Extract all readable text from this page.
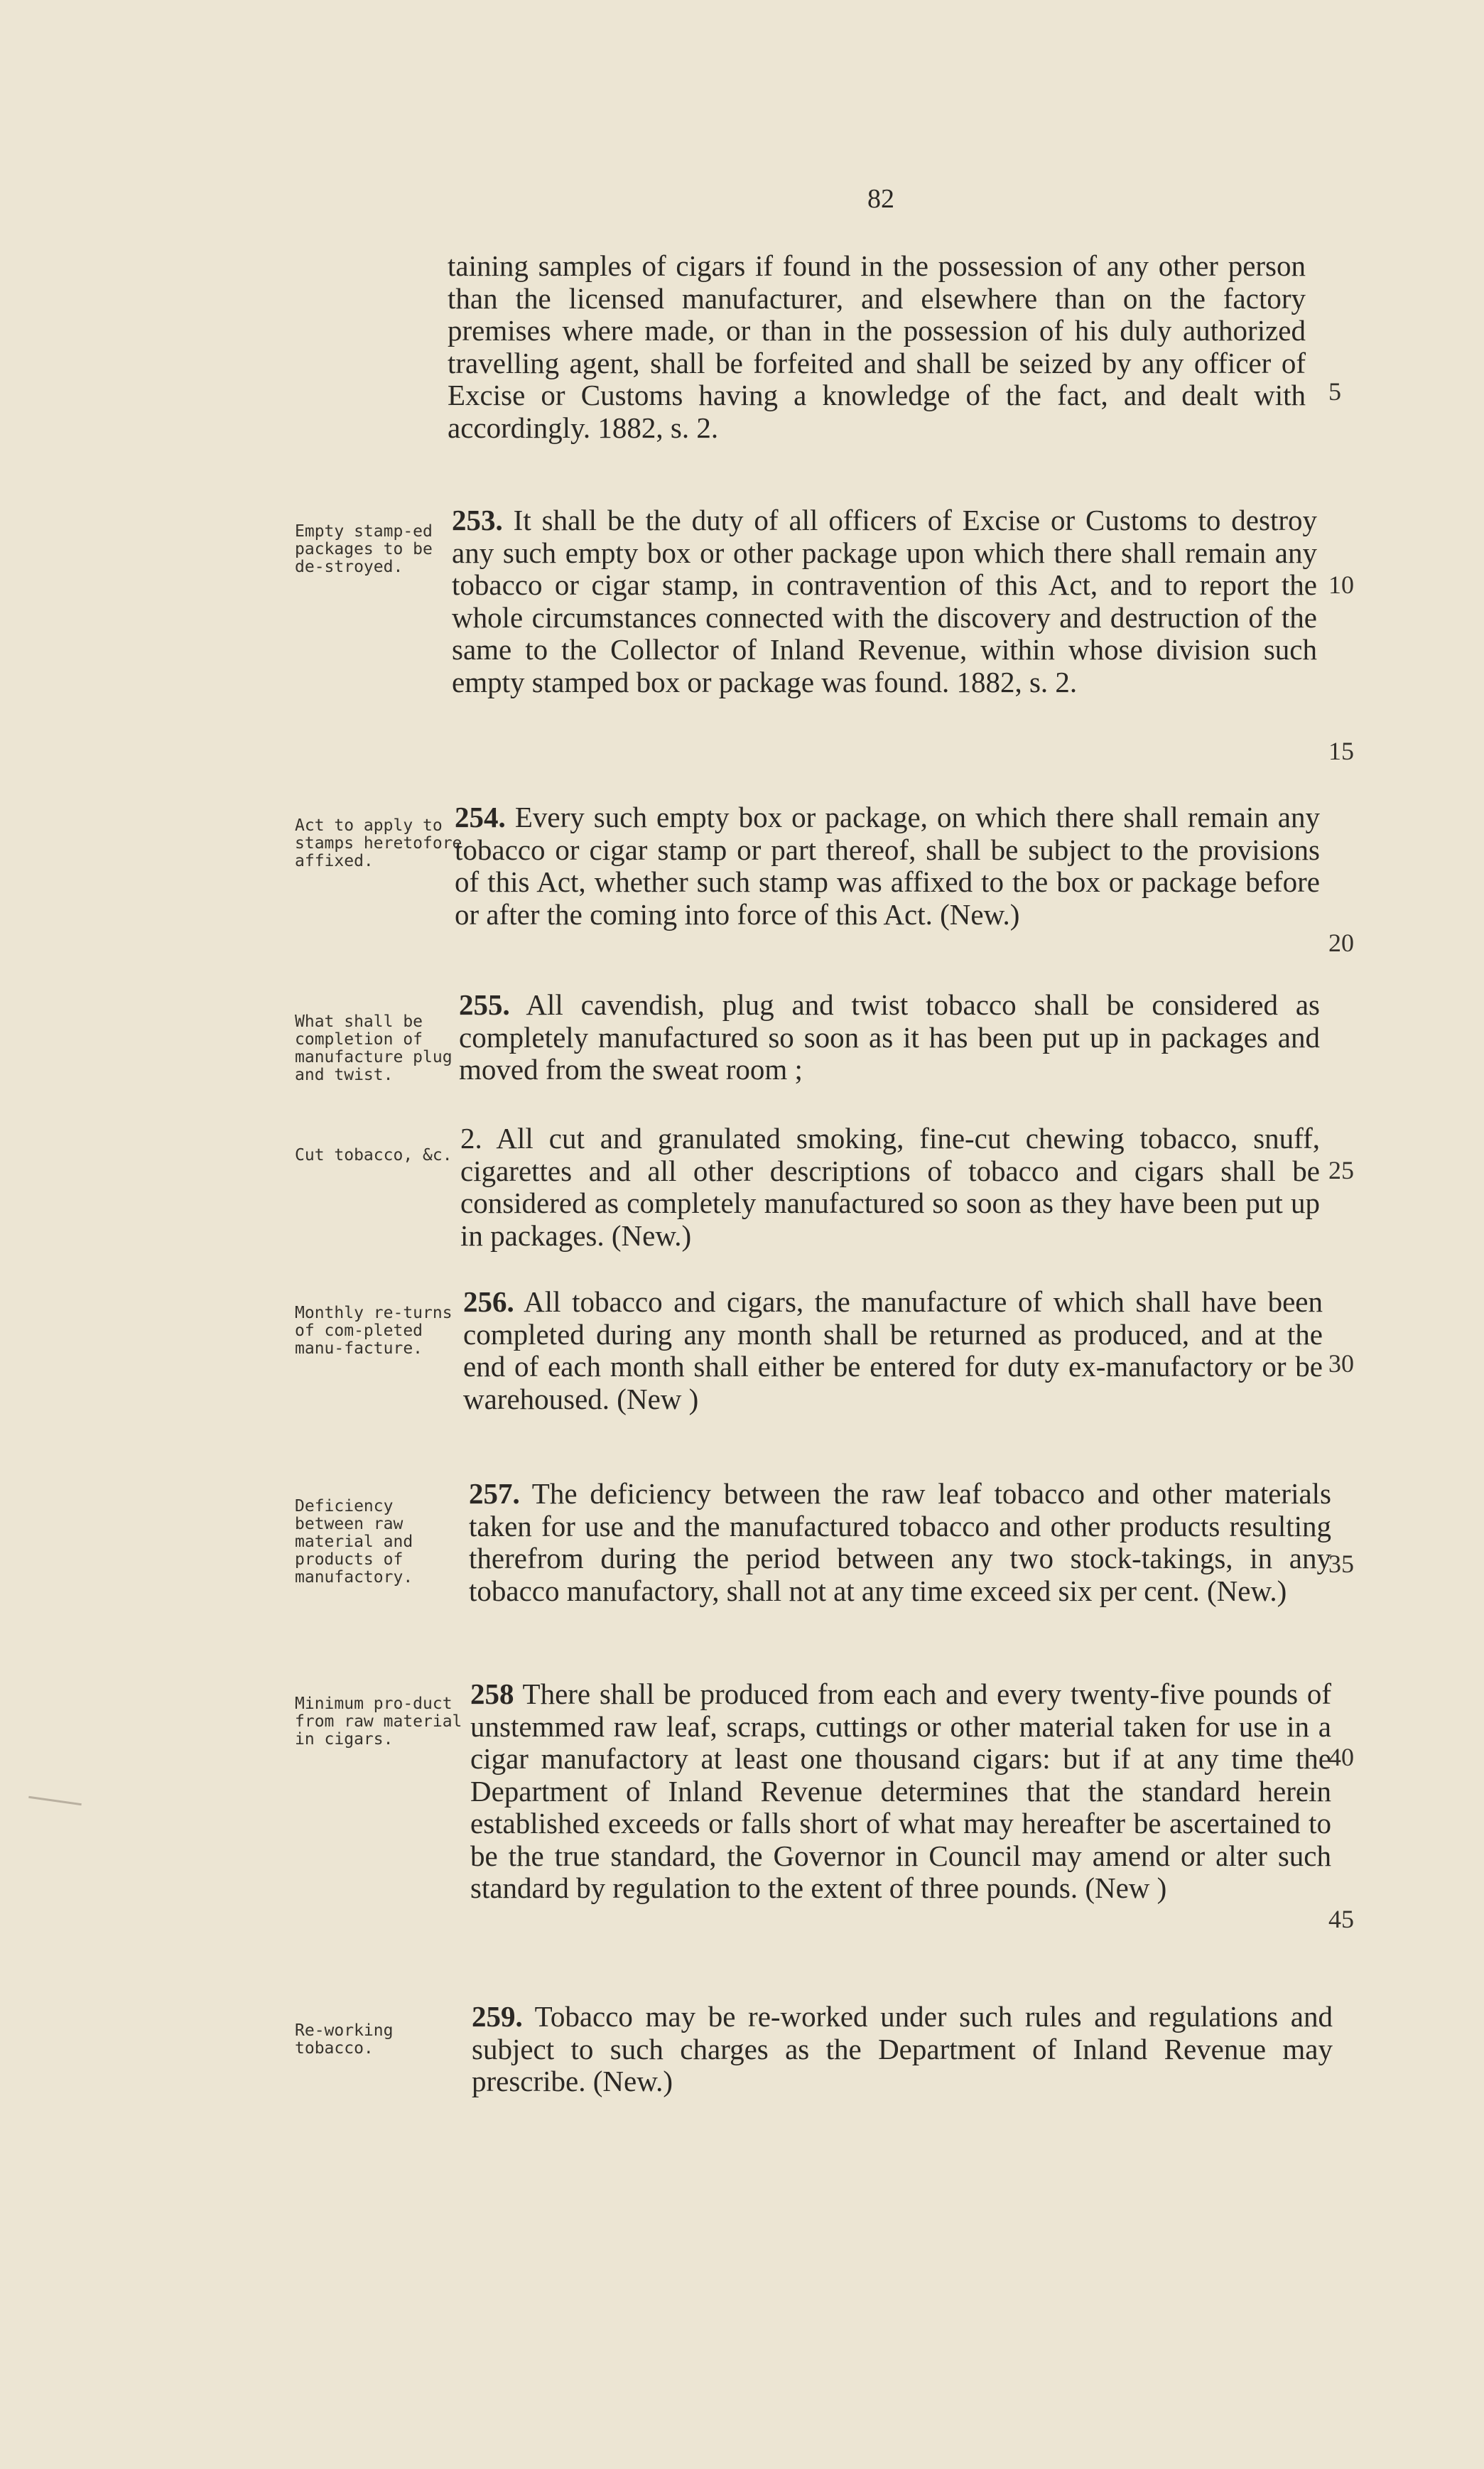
82
taining samples of cigars if found in the possession of any other person than the licensed manufacturer, and elsewhere than on the factory premises where made, or than in the possession of his duly authorized travelling agent, shall be forfeited and shall be seized by any officer of Excise or Customs having a knowledge of the fact, and dealt with accordingly. 1882, s. 2.
Empty stamp-ed packages to be de-stroyed.
253. It shall be the duty of all officers of Excise or Customs to destroy any such empty box or other package upon which there shall remain any tobacco or cigar stamp, in contravention of this Act, and to report the whole circumstances connected with the discovery and destruction of the same to the Collector of Inland Revenue, within whose division such empty stamped box or package was found. 1882, s. 2.
Act to apply to stamps heretofore affixed.
254. Every such empty box or package, on which there shall remain any tobacco or cigar stamp or part thereof, shall be subject to the provisions of this Act, whether such stamp was affixed to the box or package before or after the coming into force of this Act. (New.)
What shall be completion of manufacture plug and twist.
255. All cavendish, plug and twist tobacco shall be considered as completely manufactured so soon as it has been put up in packages and moved from the sweat room ;
Cut tobacco, &c.
2. All cut and granulated smoking, fine-cut chewing tobacco, snuff, cigarettes and all other descriptions of tobacco and cigars shall be considered as completely manufactured so soon as they have been put up in packages. (New.)
Monthly re-turns of com-pleted manu-facture.
256. All tobacco and cigars, the manufacture of which shall have been completed during any month shall be returned as produced, and at the end of each month shall either be entered for duty ex-manufactory or be warehoused. (New )
Deficiency between raw material and products of manufactory.
257. The deficiency between the raw leaf tobacco and other materials taken for use and the manufactured tobacco and other products resulting therefrom during the period between any two stock-takings, in any tobacco manufactory, shall not at any time exceed six per cent. (New.)
Minimum pro-duct from raw material in cigars.
258 There shall be produced from each and every twenty-five pounds of unstemmed raw leaf, scraps, cuttings or other material taken for use in a cigar manufactory at least one thousand cigars: but if at any time the Department of Inland Revenue determines that the standard herein established exceeds or falls short of what may hereafter be ascertained to be the true standard, the Governor in Council may amend or alter such standard by regulation to the extent of three pounds. (New )
Re-working tobacco.
259. Tobacco may be re-worked under such rules and regulations and subject to such charges as the Department of Inland Revenue may prescribe. (New.)
5
10
15
20
25
30
35
40
45
